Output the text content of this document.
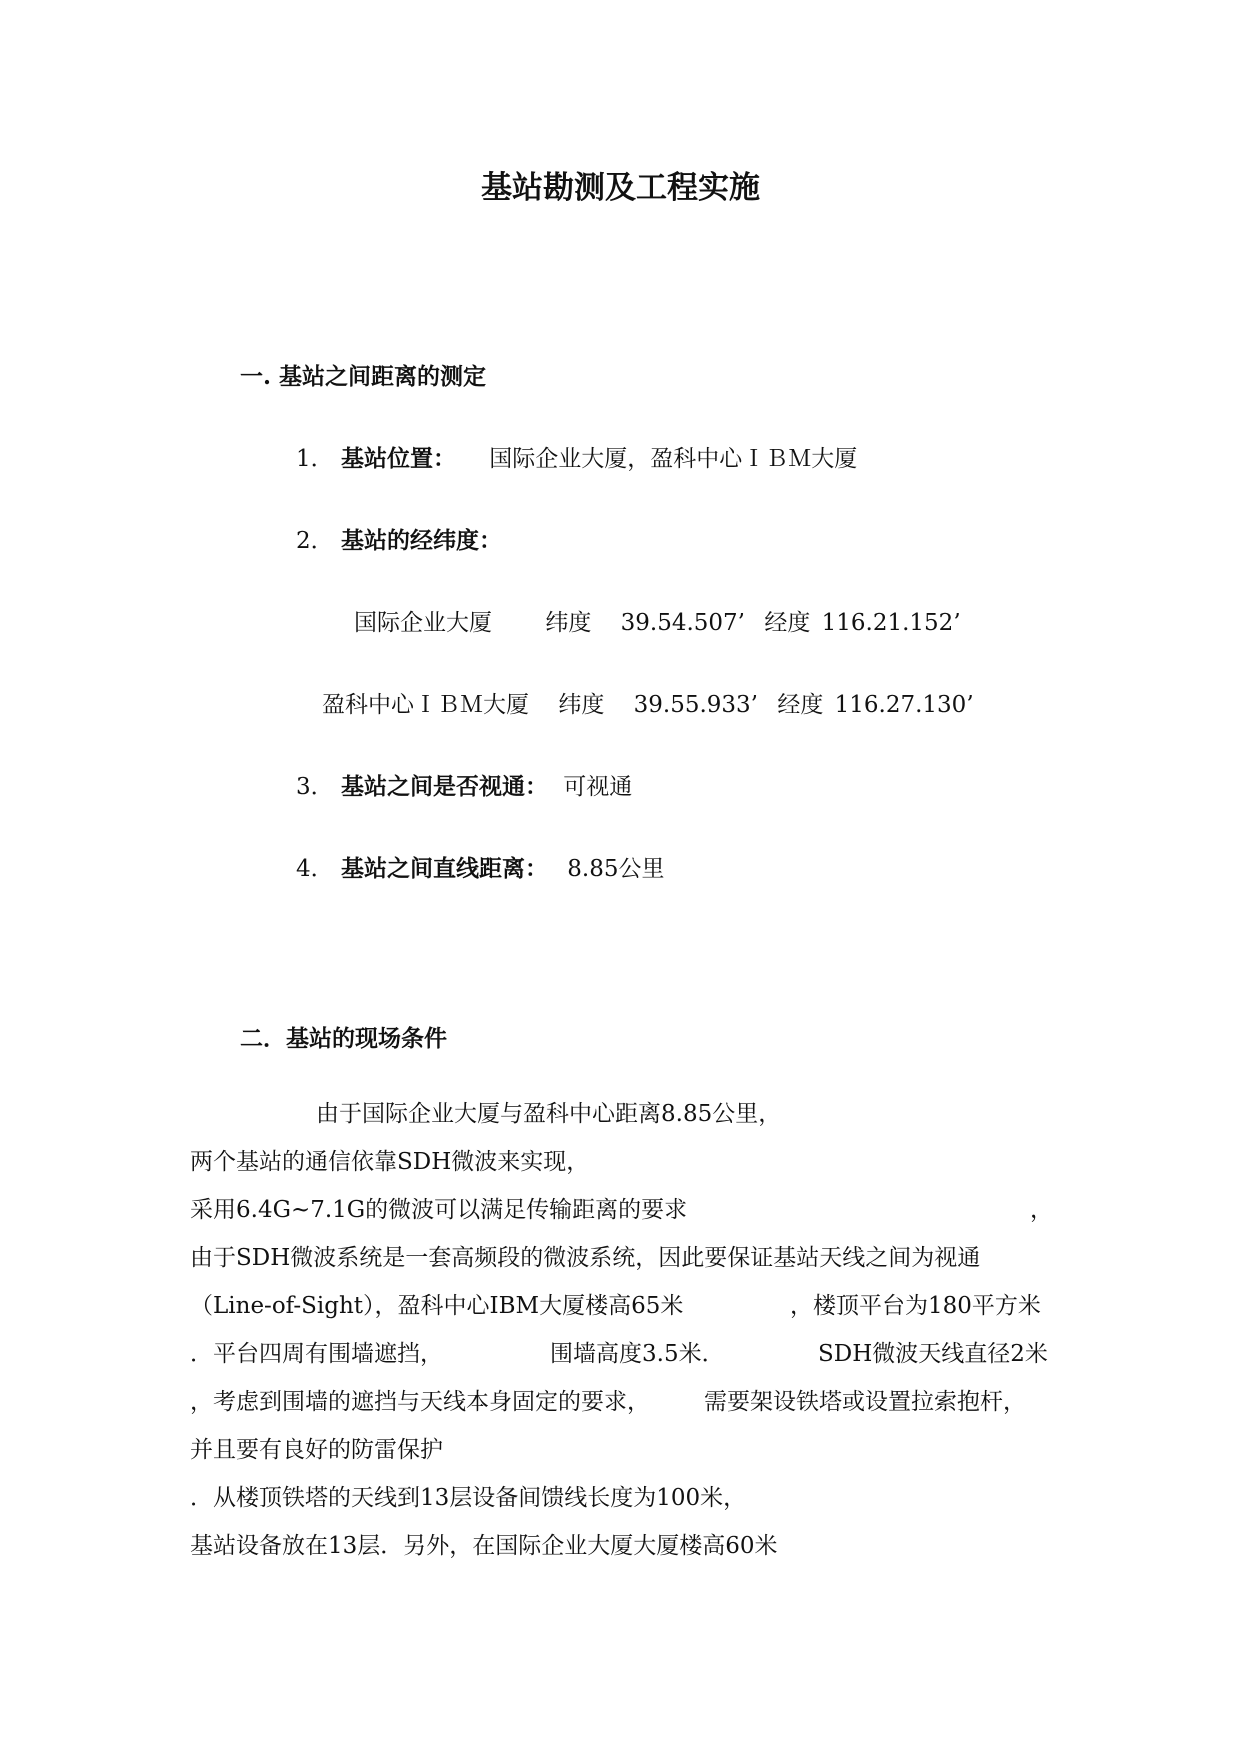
基站勘测及工程实施
一. 基站之间距离的测定
1． 基站位置： 国际企业大厦，盈科中心ＩＢＭ大厦
2． 基站的经纬度：
国际企业大厦 纬度 39.54.507’ 经度 116.21.152’
盈科中心ＩＢＭ大厦 纬度 39.55.933’ 经度 116.27.130’
3． 基站之间是否视通： 可视通
4． 基站之间直线距离： 8.85公里
二．基站的现场条件
由于国际企业大厦与盈科中心距离8.85公里，
两个基站的通信依靠SDH微波来实现，
采用6.4G~7.1G的微波可以满足传输距离的要求	，
由于SDH微波系统是一套高频段的微波系统，因此要保证基站天线之间为视通
（Line-of-Sight），盈科中心IBM大厦楼高65米	，楼顶平台为180平方米
．平台四周有围墙遮挡，	围墙高度3.5米．	SDH微波天线直径2米
，考虑到围墙的遮挡与天线本身固定的要求， 需要架设铁塔或设置拉索抱杆，
并且要有良好的防雷保护
．从楼顶铁塔的天线到13层设备间馈线长度为100米，
基站设备放在13层．另外，在国际企业大厦大厦楼高60米
